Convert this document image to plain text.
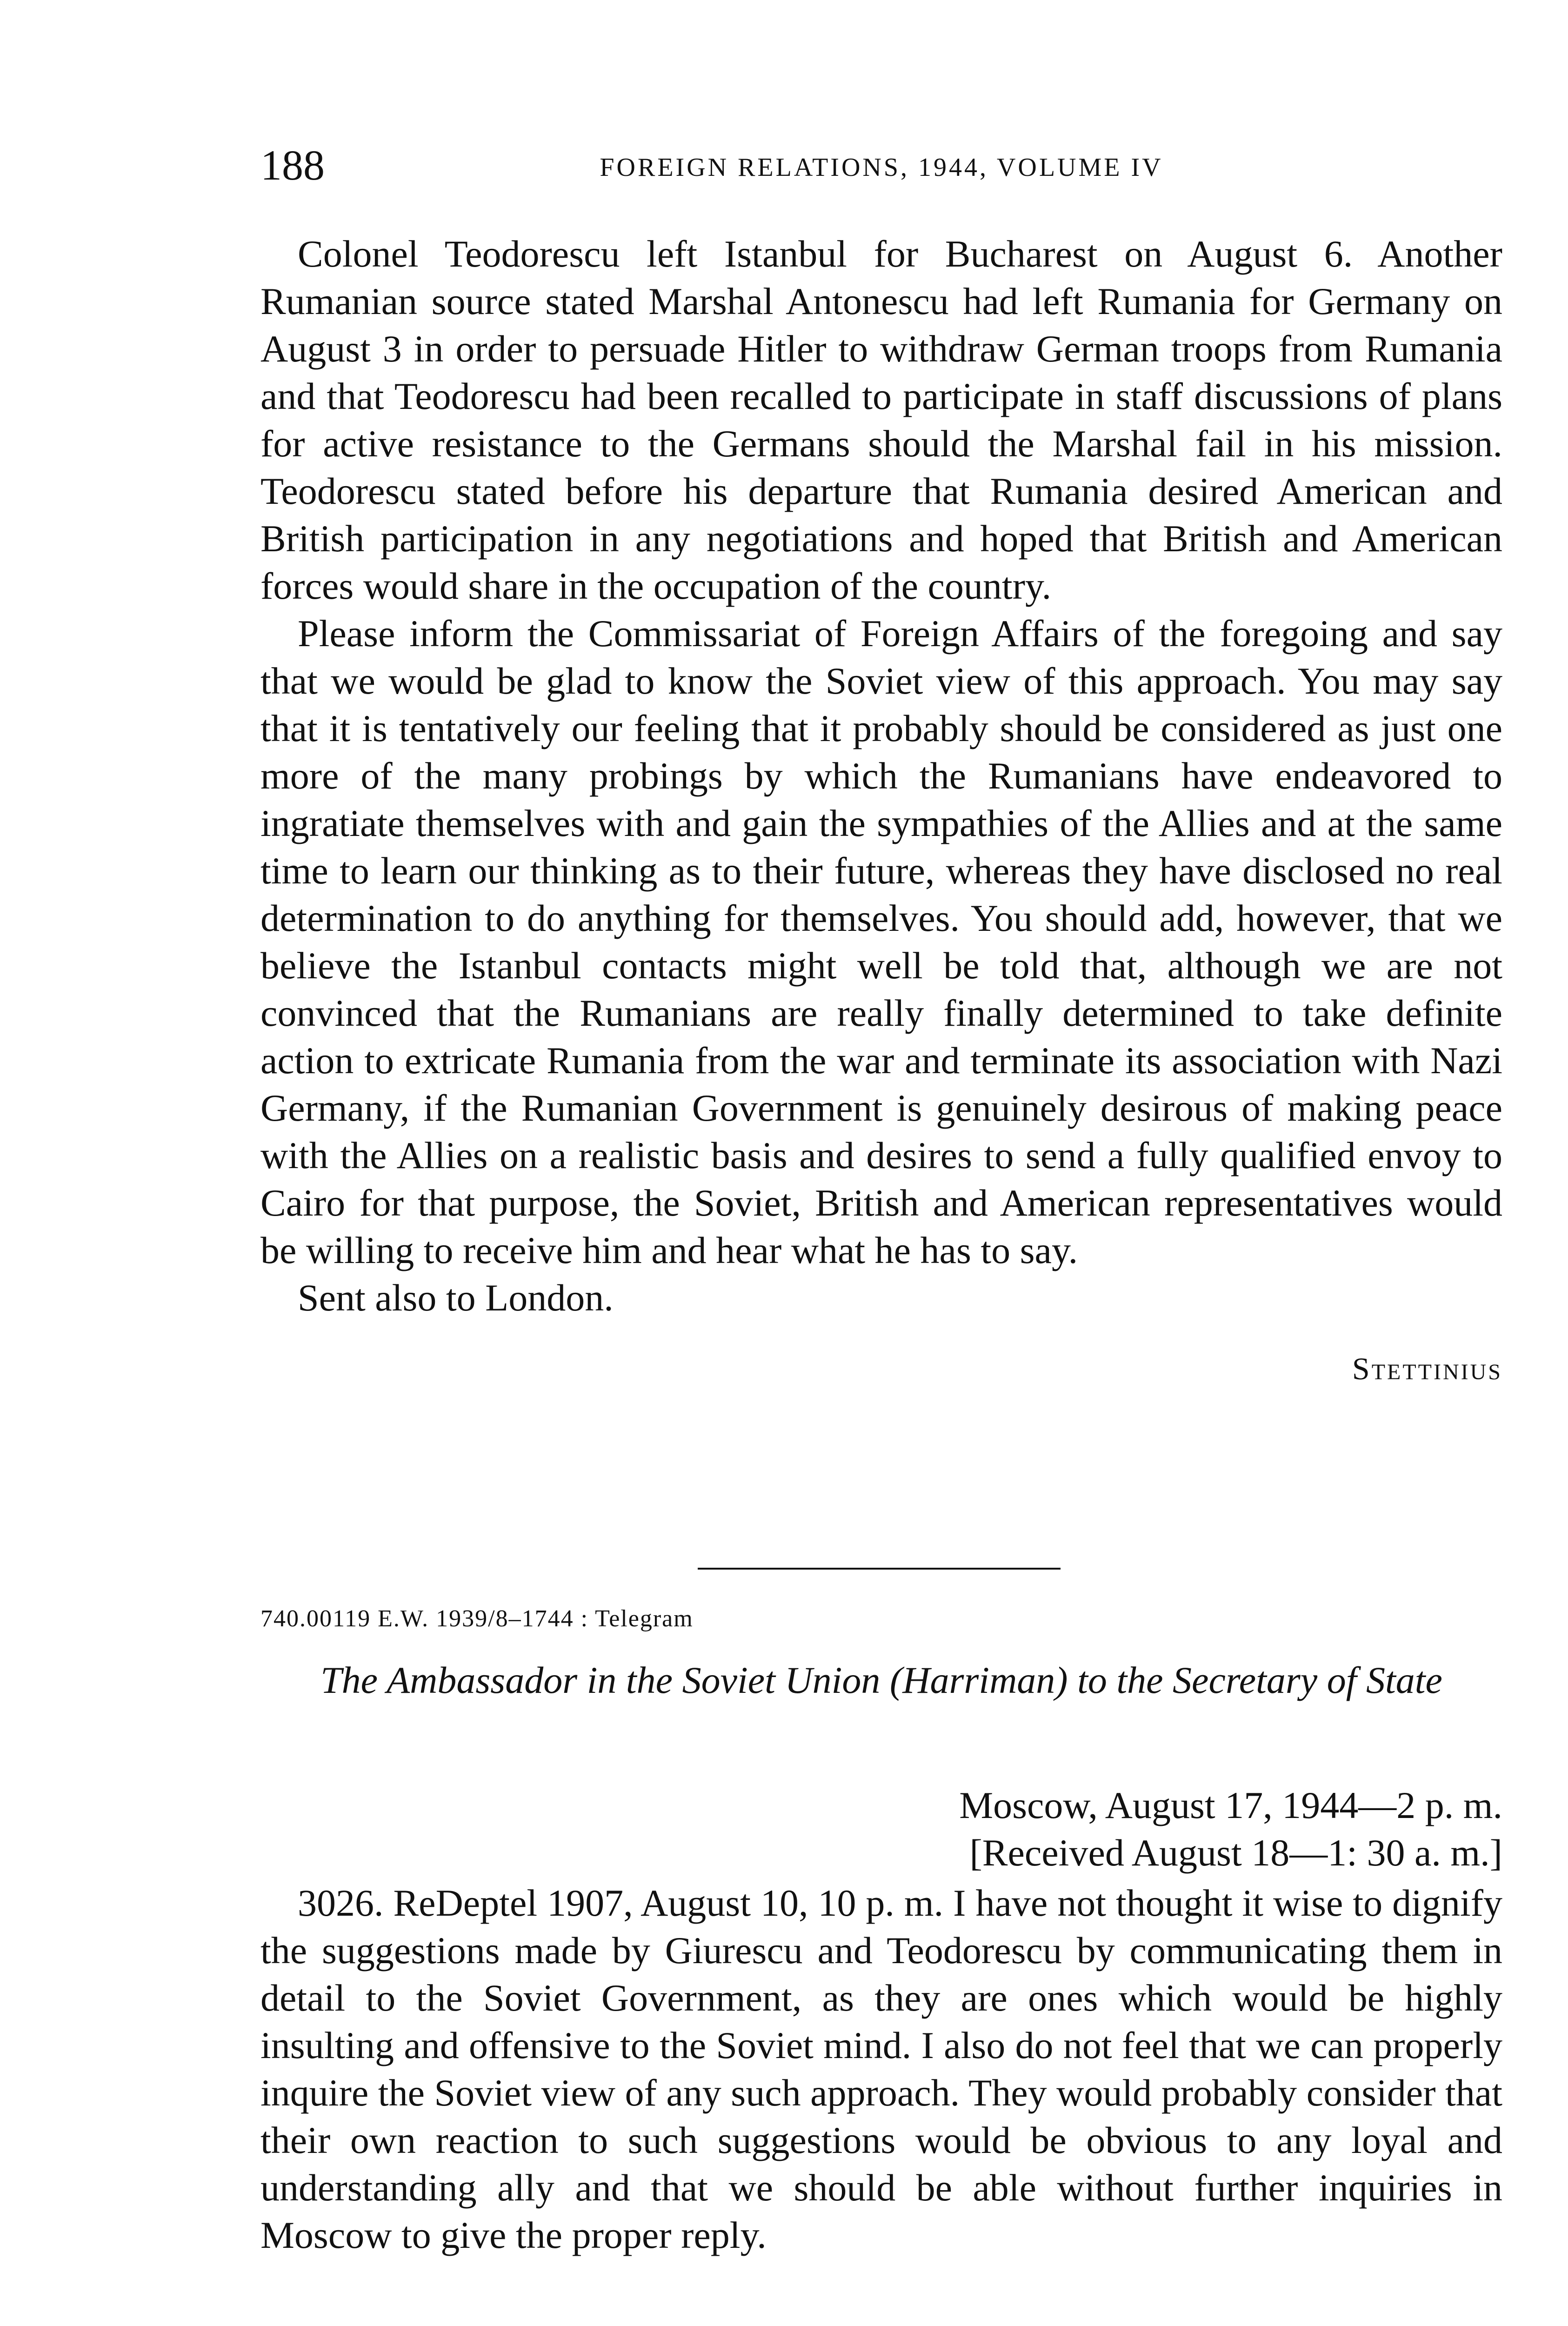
188	FOREIGN RELATIONS, 1944, VOLUME IV

Colonel Teodorescu left Istanbul for Bucharest on August 6. Another Rumanian source stated Marshal Antonescu had left Rumania for Germany on August 3 in order to persuade Hitler to withdraw German troops from Rumania and that Teodorescu had been recalled to participate in staff discussions of plans for active resistance to the Germans should the Marshal fail in his mission. Teodorescu stated before his departure that Rumania desired American and British participation in any negotiations and hoped that British and American forces would share in the occupation of the country.

Please inform the Commissariat of Foreign Affairs of the foregoing and say that we would be glad to know the Soviet view of this approach. You may say that it is tentatively our feeling that it probably should be considered as just one more of the many probings by which the Rumanians have endeavored to ingratiate themselves with and gain the sympathies of the Allies and at the same time to learn our thinking as to their future, whereas they have disclosed no real determination to do anything for themselves. You should add, however, that we believe the Istanbul contacts might well be told that, although we are not convinced that the Rumanians are really finally determined to take definite action to extricate Rumania from the war and terminate its association with Nazi Germany, if the Rumanian Government is genuinely desirous of making peace with the Allies on a realistic basis and desires to send a fully qualified envoy to Cairo for that purpose, the Soviet, British and American representatives would be willing to receive him and hear what he has to say.

Sent also to London.

Stettinius

740.00119 E.W. 1939/8–1744 : Telegram
The Ambassador in the Soviet Union (Harriman) to the Secretary of State
Moscow, August 17, 1944—2 p. m.
[Received August 18—1: 30 a. m.]

3026. ReDeptel 1907, August 10, 10 p. m. I have not thought it wise to dignify the suggestions made by Giurescu and Teodorescu by communicating them in detail to the Soviet Government, as they are ones which would be highly insulting and offensive to the Soviet mind. I also do not feel that we can properly inquire the Soviet view of any such approach. They would probably consider that their own reaction to such suggestions would be obvious to any loyal and understanding ally and that we should be able without further inquiries in Moscow to give the proper reply.
